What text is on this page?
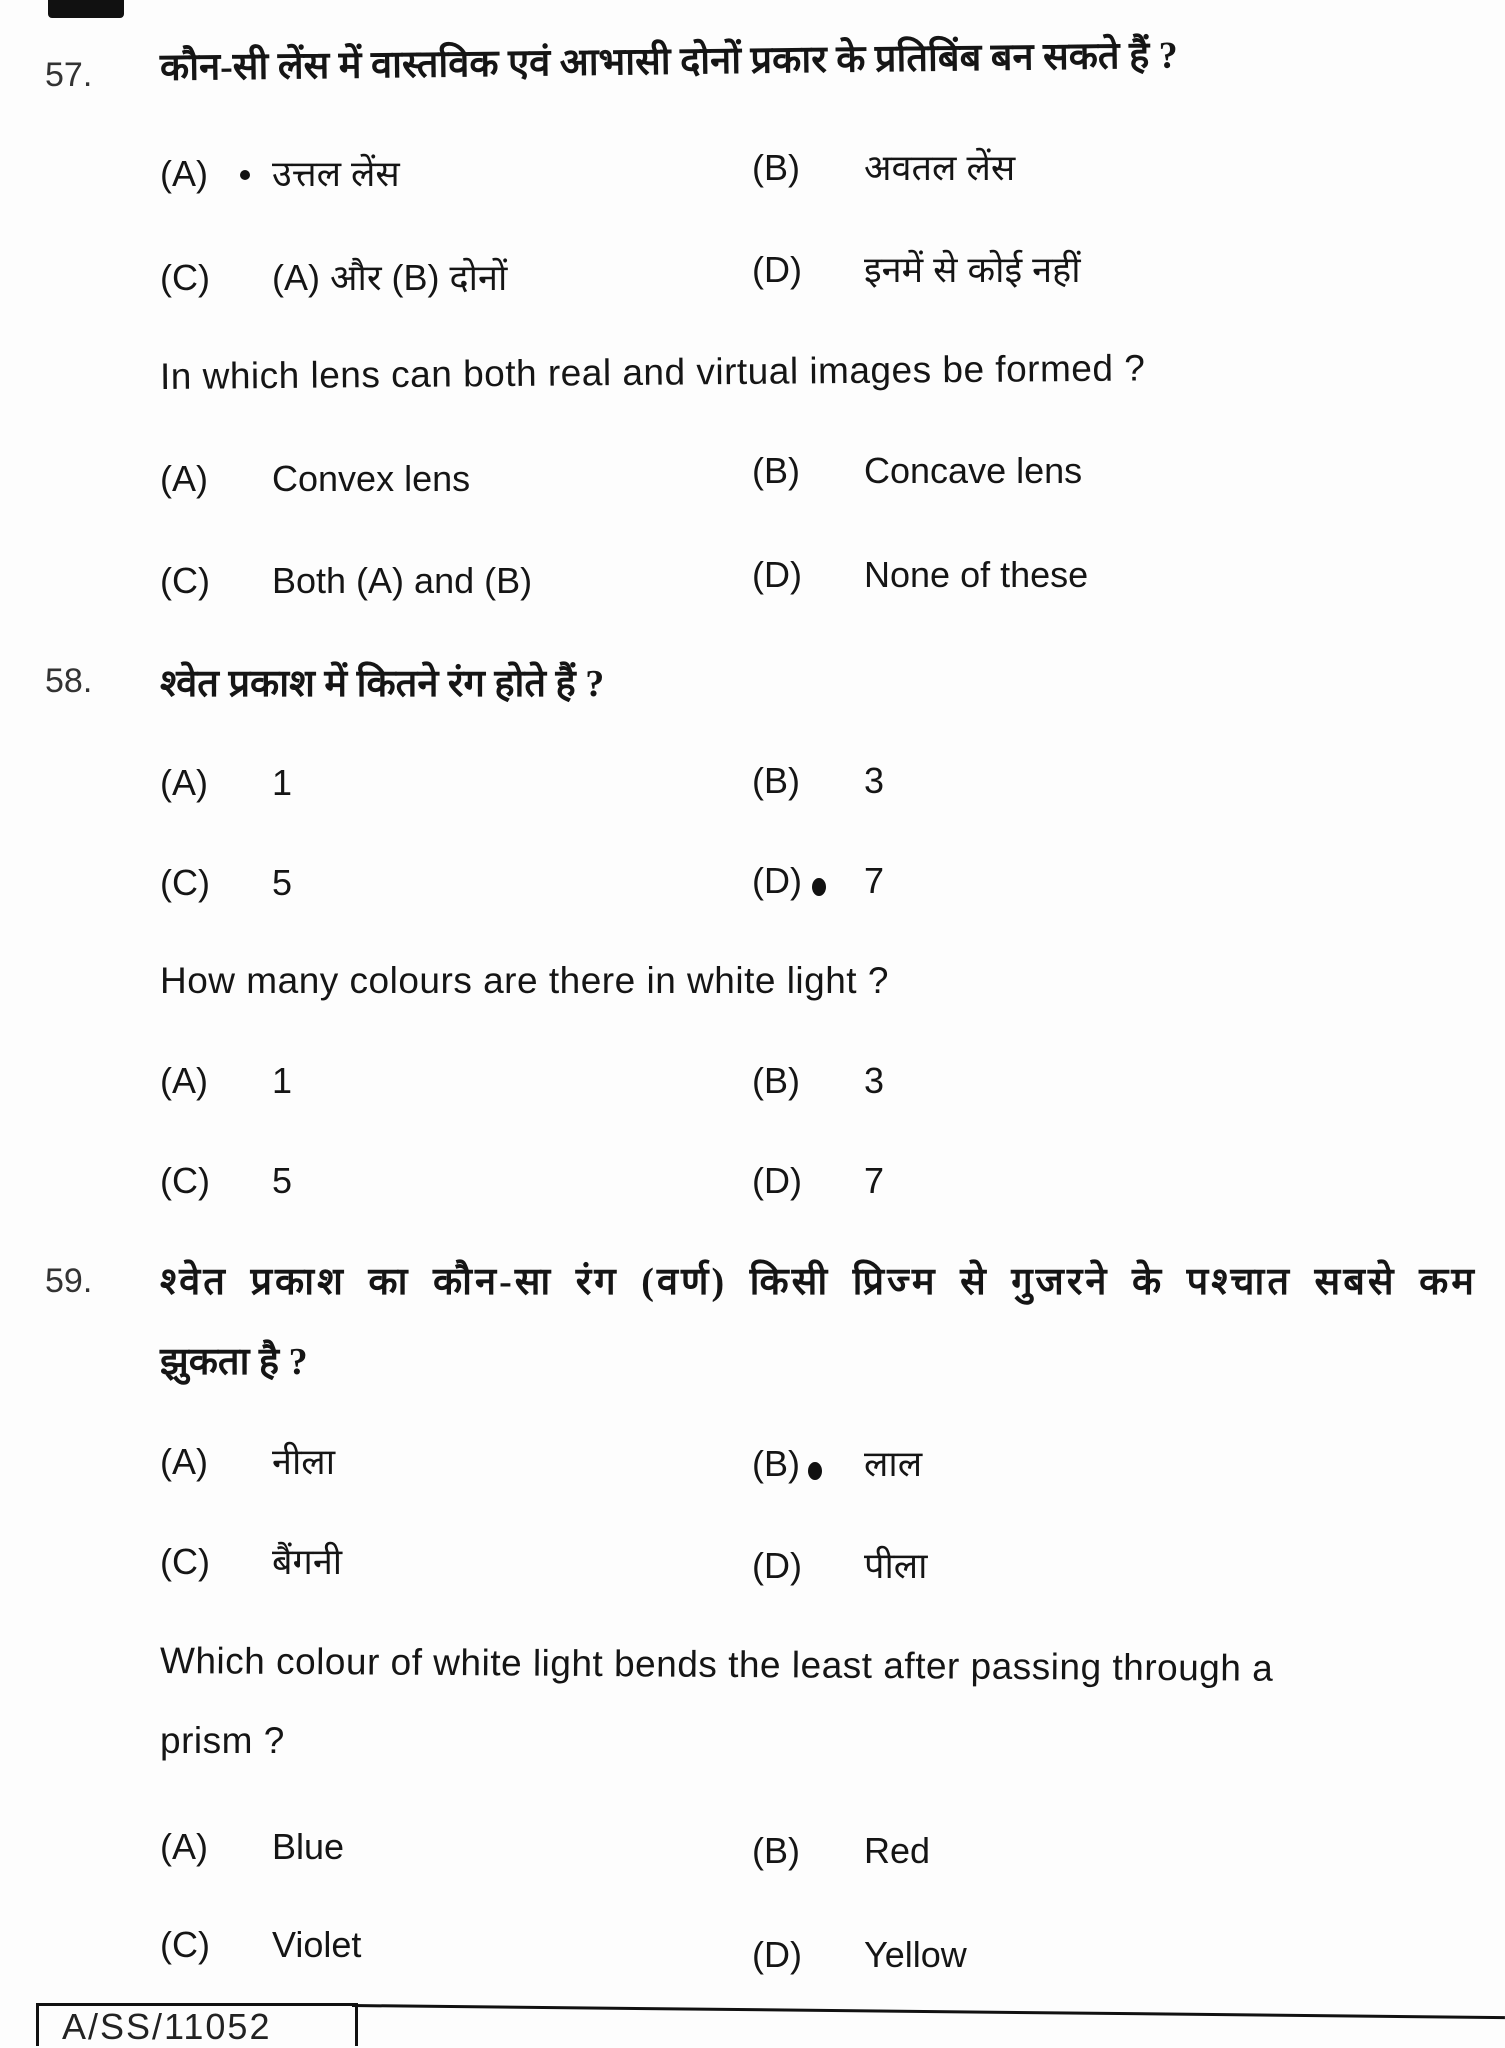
57. कौन-सी लेंस में वास्तविक एवं आभासी दोनों प्रकार के प्रतिबिंब बन सकते हैं ?
(A) उत्तल लेंस	(B) अवतल लेंस
(C) (A) और (B) दोनों	(D) इनमें से कोई नहीं
In which lens can both real and virtual images be formed ?
(A) Convex lens	(B) Concave lens
(C) Both (A) and (B)	(D) None of these
58. श्वेत प्रकाश में कितने रंग होते हैं ?
(A) 1	(B) 3
(C) 5	(D) 7
How many colours are there in white light ?
(A) 1	(B) 3
(C) 5	(D) 7
59. श्वेत प्रकाश का कौन-सा रंग (वर्ण) किसी प्रिज्म से गुजरने के पश्चात सबसे कम
झुकता है ?
(A) नीला	(B) लाल
(C) बैंगनी	(D) पीला
Which colour of white light bends the least after passing through a
prism ?
(A) Blue	(B) Red
(C) Violet	(D) Yellow
A/SS/11052
